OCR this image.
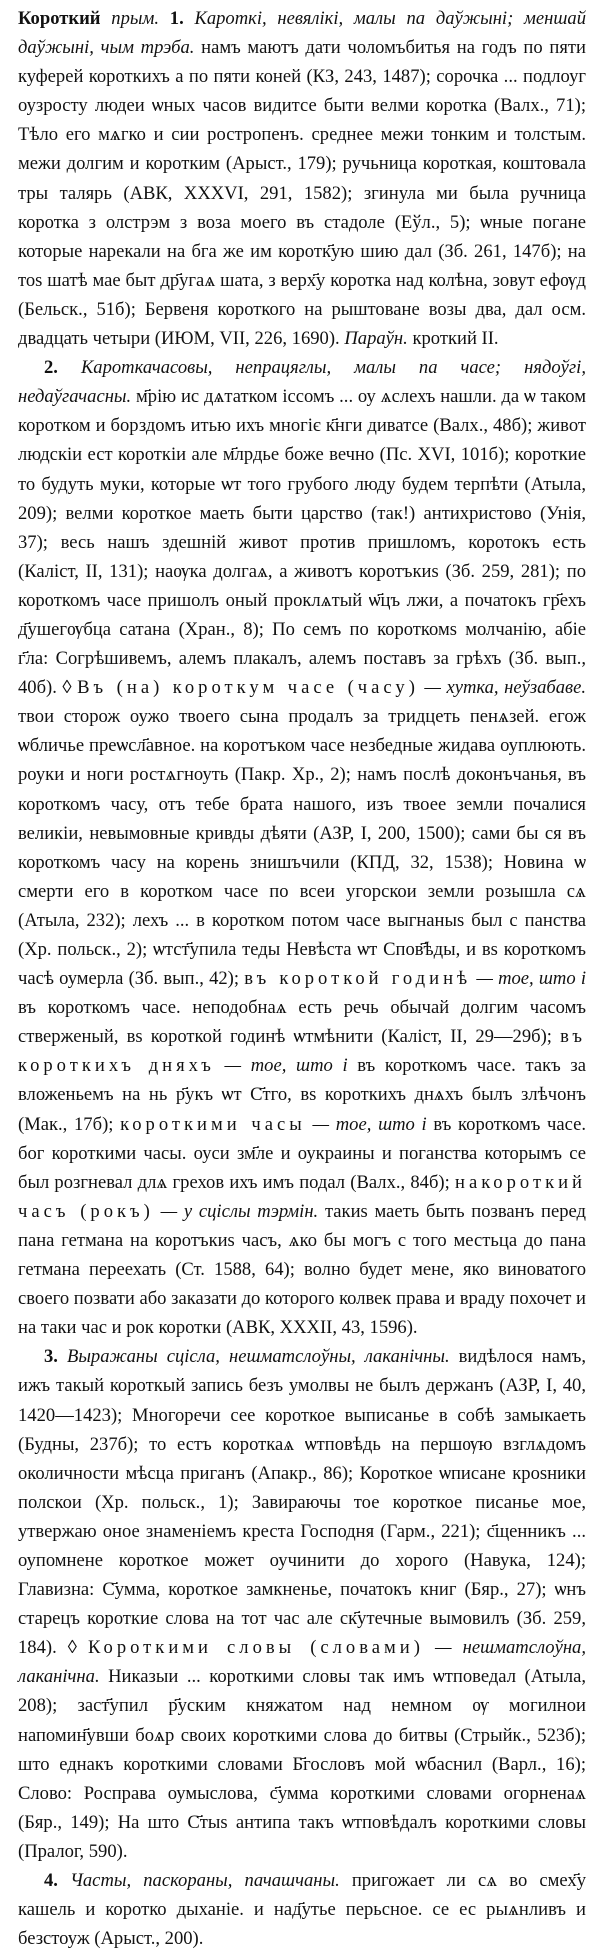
Короткий прым. 1. Кароткі, невялікі, малы па даўжыні; меншай даўжыні, чым трэба. намъ маютъ дати чоломъбитья на годъ по пяти куферей короткихъ а по пяти коней (КЗ, 243, 1487); сорочка ... подлоуг оузросту людеи ѡных часов видитсе быти велми коротка (Валх., 71); Тѣло его мѧгко и сии ростропенъ. среднее межи тонким и толстым. межи долгим и коротким (Арыст., 179); ручьница короткая, коштовала тры талярь (АВК, XXXVI, 291, 1582); згинула ми была ручница коротка з олстрэм з воза моего въ стадоле (Еўл., 5); ѡные погане которые нарекали на бга же им коротк҃ую шию дал (Зб. 261, 147б); на тоѕ шатѣ мае быт др҃угаѧ шата, з верх҃у коротка над колѣна, зовут ефѹд (Бельск., 51б); Бервеня короткого на рыштоване возы два, дал осм. двадцать четыри (ИЮМ, VII, 226, 1690). Параўн. кроткий II.

2. Кароткачасовы, непрацяглы, малы па часе; нядоўгі, недаўгачасны. м҃рію ис дѧтатком іссомъ ... оу ѧслехъ нашли. да ѡ таком коротком и борздомъ итью ихъ многіє к҃нги диватсе (Валх., 48б); живот людскіи ест короткіи але м҃лрдье боже вечно (Пс. XVI, 101б); короткие то будуть муки, которые ѡт того грубого люду будем терпѣти (Атыла, 209); велми короткое маеть быти царство (так!) антихристово (Унія, 37); весь нашъ здешній живот против пришломъ, коротокъ есть (Каліст, II, 131); наѹка долгаѧ, а животъ коротъкиѕ (Зб. 259, 281); по короткомъ часе пришолъ оный проклѧтый ѡ҃цъ лжи, а початокъ гр҃ехъ д҃ушегѹбца сатана (Хран., 8); По семъ по короткомѕ молчанію, абіе г҃ла: Согрѣшивемъ, алемъ плакалъ, алемъ поставъ за грѣхъ (Зб. вып., 40б). ◊ Въ (на) короткум часе (часу) — хутка, неўзабаве. твои сторож оужо твоего сына продалъ за тридцеть пенѧзей. егож ѡбличье преѡсл҃авное. на коротъком часе незбедные жидава оуплюють. роуки и ноги ростѧгноуть (Пакр. Хр., 2); намъ послѣ доконъчанья, въ короткомъ часу, отъ тебе брата нашого, изъ твоее земли почалися великіи, невымовные кривды дѣяти (АЗР, І, 200, 1500); сами бы ся въ короткомъ часу на корень знишъчили (КПД, 32, 1538); Новина ѡ смерти его в коротком часе по всеи угорскои земли розышла сѧ (Атыла, 232); лехъ ... в коротком потом часе выгнаныѕ был с панства (Хр. польск., 2); ѡтст҃упила теды Невѣста ѡт Спов҃ѣды, и вѕ короткомъ часѣ оумерла (Зб. вып., 42); въ короткой годинѣ — тое, што і въ короткомъ часе. неподобнаѧ есть речь обычай долгим часомъ стверженый, вѕ короткой годинѣ ѡтмѣнити (Каліст, II, 29—29б); въ короткихъ дняхъ — тое, што і въ короткомъ часе. такъ за вложеньемъ на нь р҃укъ ѡт С҃тго, вѕ короткихъ днѧхъ былъ злѣчонъ (Мак., 17б); короткими часы — тое, што і въ короткомъ часе. бог короткими часы. оуси зм҃ле и оукраины и поганства которымъ се был розгневал длѧ грехов ихъ имъ подал (Валх., 84б); накороткий часъ (рокъ) — у сціслы тэрмін. такиѕ маеть быть позванъ перед пана гетмана на коротъкиѕ часъ, ѧко бы могъ с того местьца до пана гетмана переехать (Ст. 1588, 64); волно будет мене, яко виноватого своего позвати або заказати до которого колвек права и враду похочет и на таки час и рок коротки (АВК, XXXII, 43, 1596).

3. Выражаны сцісла, нешматслоўны, лаканічны. видѣлося намъ, ижъ такый короткый запись безъ умолвы не былъ держанъ (АЗР, І, 40, 1420—1423); Многоречи сее короткое выписанье в собѣ замыкаеть (Будны, 237б); то естъ короткаѧ ѡтповѣдь на першѹю взглѧдомъ околичности мѣсца приганъ (Апакр., 86); Короткое ѡписане кроѕники полскои (Хр. польск., 1); Завираючы тое короткое писанье мое, утвержаю оное знаменіемъ креста Господня (Гарм., 221); с҃щенникъ ... оупомнене короткое может оучинити до хорого (Навука, 124); Главизна: С҃умма, короткое замкненье, початокъ книг (Бяр., 27); ѡнъ старецъ короткие слова на тот час але ск҃утечные вымовилъ (Зб. 259, 184). ◊ Короткими словы (словами) — нешматслоўна, лаканічна. Никазыи ... короткими словы так имъ ѡтповедал (Атыла, 208); заст҃упил р҃уским княжатом над немном ѹ могилнои напомин҃увши боѧр своих короткими слова до битвы (Стрыйк., 523б); што еднакъ короткими словами Б҃гословъ мой ѡбаснил (Варл., 16); Слово: Росправа оумыслова, с҃умма короткими словами огорненаѧ (Бяр., 149); На што С҃тыѕ антипа такъ ѡтповѣдалъ короткими словы (Пралог, 590).

4. Часты, паскораны, пачашчаны. пригожает ли сѧ во смех҃у кашель и коротко дыханіе. и над҃утье перьсное. се ес рыѧнливъ и безстоуж (Арыст., 200).
